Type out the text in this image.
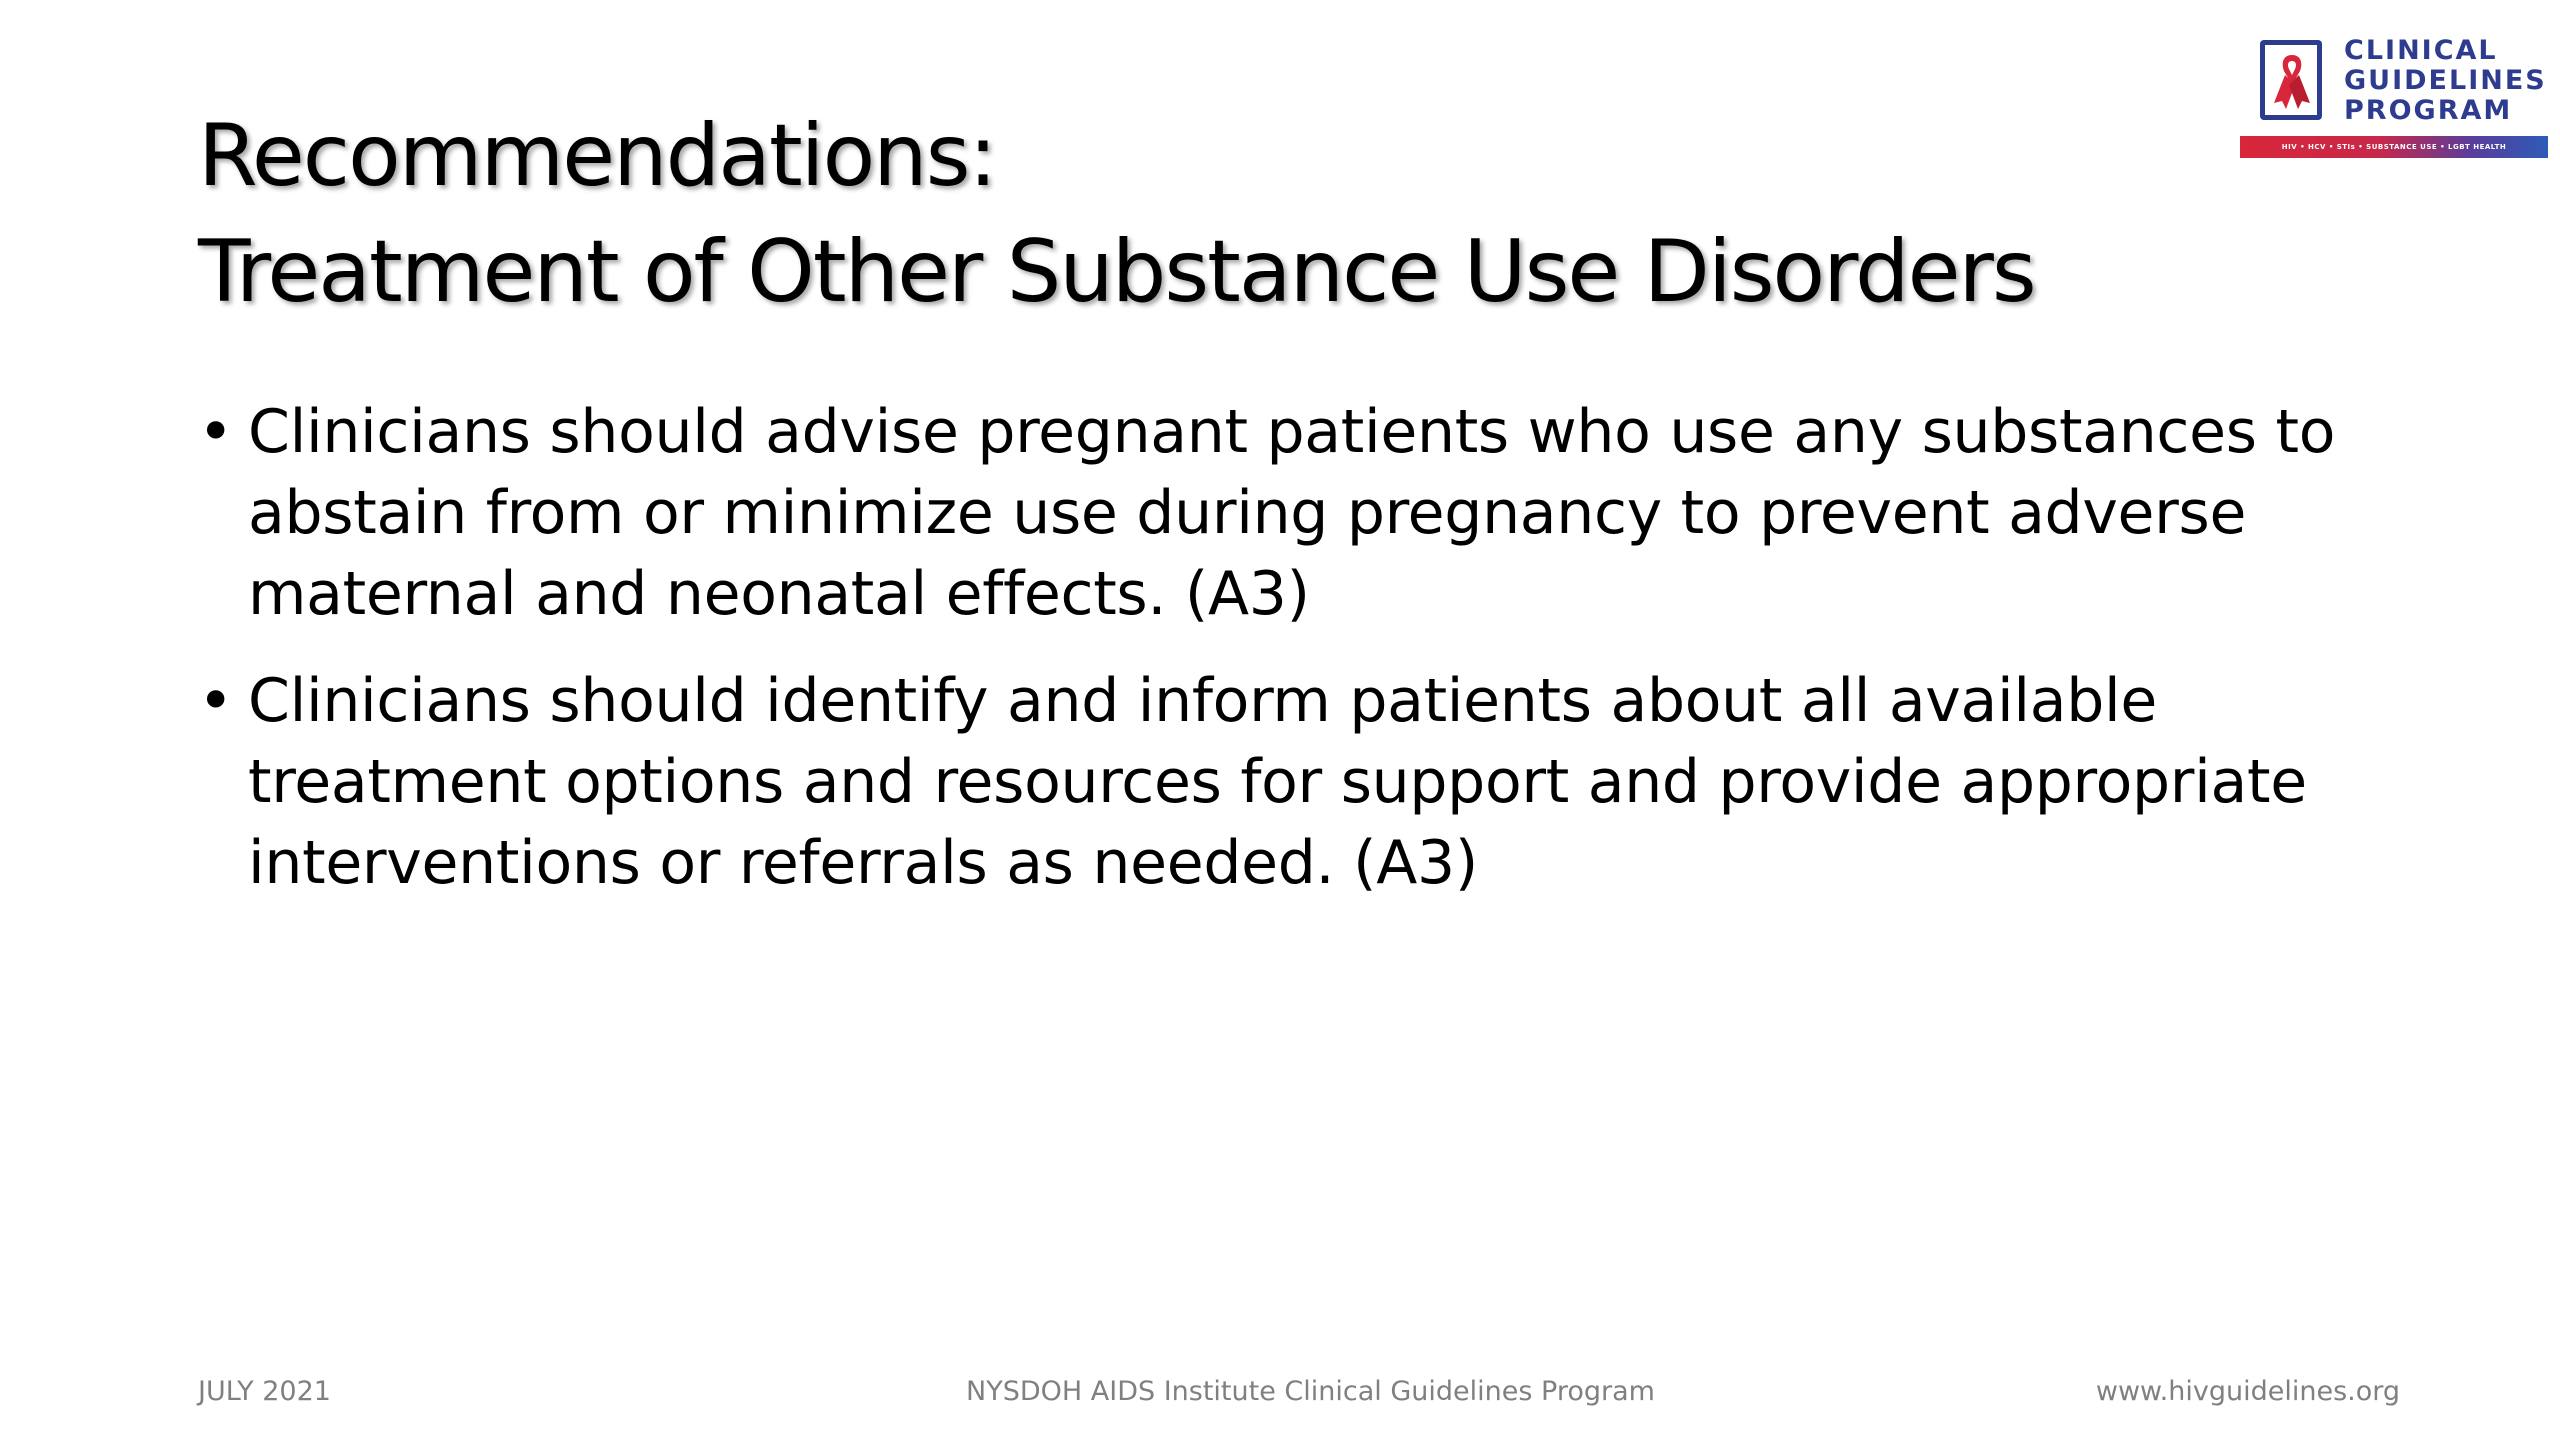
Recommendations:
Treatment of Other Substance Use Disorders
• Clinicians should advise pregnant patients who use any substances to abstain from or minimize use during pregnancy to prevent adverse maternal and neonatal effects. (A3)
• Clinicians should identify and inform patients about all available treatment options and resources for support and provide appropriate interventions or referrals as needed. (A3)
CLINICAL
GUIDELINES
PROGRAM
HIV • HCV • STIs • SUBSTANCE USE • LGBT HEALTH
JULY 2021	NYSDOH AIDS Institute Clinical Guidelines Program	www.hivguidelines.org
